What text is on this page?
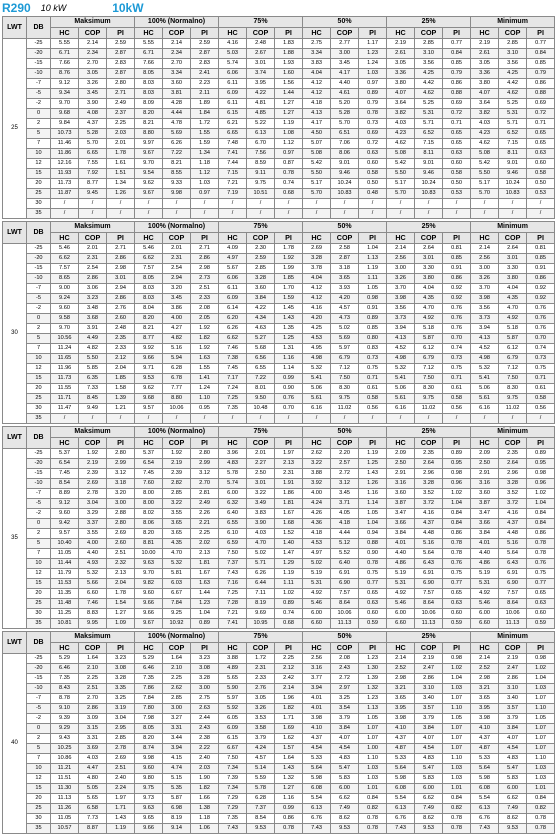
R290 10 kW	10kW
LWT	DB	Maksimum			100% (Normalno)			75%			50%			25%			Minimum		
		HC	COP	PI	HC	COP	PI	HC	COP	PI	HC	COP	PI	HC	COP	PI	HC	COP	PI
25	-25	5.55	2.14	2.59	5.55	2.14	2.59	4.16	2.48	1.83	2.75	2.77	1.17	2.19	2.85	0.77	2.19	2.85	0.77
	-20	6.71	2.34	2.87	6.71	2.34	2.87	5.03	2.67	1.88	3.34	3.00	1.23	2.61	3.10	0.84	2.61	3.10	0.84
	-15	7.66	2.70	2.83	7.66	2.70	2.83	5.74	3.01	1.93	3.83	3.45	1.24	3.05	3.56	0.85	3.05	3.56	0.85
	-10	8.76	3.05	2.87	8.05	3.34	2.41	6.06	3.74	1.60	4.04	4.17	1.03	3.36	4.25	0.79	3.36	4.25	0.79
	-7	9.12	3.26	2.80	8.03	3.60	2.23	6.11	3.95	1.56	4.12	4.40	0.97	3.80	4.42	0.86	3.80	4.42	0.86
	-5	9.34	3.45	2.71	8.03	3.81	2.11	6.09	4.22	1.44	4.12	4.61	0.89	4.07	4.62	0.88	4.07	4.62	0.88
	-2	9.70	3.90	2.49	8.09	4.28	1.89	6.11	4.81	1.27	4.18	5.20	0.79	3.64	5.25	0.69	3.64	5.25	0.69
	0	9.68	4.08	2.37	8.20	4.44	1.84	6.15	4.85	1.27	4.13	5.28	0.78	3.82	5.31	0.72	3.82	5.31	0.72
	2	9.84	4.37	2.25	8.21	4.78	1.72	6.21	5.22	1.19	4.17	5.70	0.73	4.03	5.71	0.71	4.03	5.71	0.71
	5	10.73	5.28	2.03	8.80	5.69	1.55	6.65	6.13	1.08	4.50	6.51	0.69	4.23	6.52	0.65	4.23	6.52	0.65
	7	11.46	5.70	2.01	9.97	6.26	1.59	7.48	6.70	1.12	5.07	7.06	0.72	4.62	7.15	0.65	4.62	7.15	0.65
	10	11.86	6.65	1.78	9.67	7.22	1.34	7.41	7.56	0.97	5.08	8.06	0.63	5.08	8.11	0.63	5.08	8.11	0.63
	12	12.16	7.55	1.61	9.70	8.21	1.18	7.44	8.59	0.87	5.42	9.01	0.60	5.42	9.01	0.60	5.42	9.01	0.60
	15	11.93	7.92	1.51	9.54	8.55	1.12	7.15	9.11	0.78	5.50	9.46	0.58	5.50	9.46	0.58	5.50	9.46	0.58
	20	11.73	8.77	1.34	9.62	9.33	1.03	7.21	9.75	0.74	5.17	10.24	0.50	5.17	10.24	0.50	5.17	10.24	0.50
	25	11.87	9.45	1.26	9.67	9.98	0.97	7.19	10.51	0.68	5.70	10.83	0.48	5.70	10.83	0.53	5.70	10.83	0.53
	30	/	/	/	/	/	/	/	/	/	/	/	/	/	/	/	/	/	/
	35	/	/	/	/	/	/	/	/	/	/	/	/	/	/	/	/	/	/
LWT	DB	Maksimum			100% (Normalno)			75%			50%			25%			Minimum		
		HC	COP	PI	HC	COP	PI	HC	COP	PI	HC	COP	PI	HC	COP	PI	HC	COP	PI
30	-25	5.46	2.01	2.71	5.46	2.01	2.71	4.09	2.30	1.78	2.69	2.58	1.04	2.14	2.64	0.81	2.14	2.64	0.81
	-20	6.62	2.31	2.86	6.62	2.31	2.86	4.97	2.59	1.92	3.28	2.87	1.13	2.56	3.01	0.85	2.56	3.01	0.85
	-15	7.57	2.54	2.98	7.57	2.54	2.98	5.67	2.85	1.99	3.78	3.18	1.19	3.00	3.30	0.91	3.00	3.30	0.91
	-10	8.65	2.86	3.01	8.05	2.94	2.73	6.06	3.28	1.85	4.04	3.65	1.11	3.26	3.80	0.86	3.26	3.80	0.86
	-7	9.00	3.06	2.94	8.03	3.20	2.51	6.11	3.60	1.70	4.12	3.93	1.05	3.70	4.04	0.92	3.70	4.04	0.92
	-5	9.24	3.23	2.86	8.03	3.45	2.33	6.09	3.84	1.59	4.12	4.20	0.98	3.98	4.35	0.92	3.98	4.35	0.92
	-2	9.60	3.48	2.76	8.04	3.86	2.08	6.14	4.22	1.45	4.16	4.57	0.91	3.56	4.70	0.76	3.56	4.70	0.76
	0	9.58	3.68	2.60	8.20	4.00	2.05	6.20	4.34	1.43	4.20	4.73	0.89	3.73	4.92	0.76	3.73	4.92	0.76
	2	9.70	3.91	2.48	8.21	4.27	1.92	6.26	4.63	1.35	4.25	5.02	0.85	3.94	5.18	0.76	3.94	5.18	0.76
	5	10.56	4.49	2.35	8.77	4.82	1.82	6.62	5.27	1.25	4.53	5.69	0.80	4.13	5.87	0.70	4.13	5.87	0.70
	7	11.24	4.82	2.33	9.92	5.16	1.92	7.46	5.68	1.31	4.95	5.97	0.83	4.52	6.12	0.74	4.52	6.12	0.74
	10	11.65	5.50	2.12	9.66	5.94	1.63	7.38	6.56	1.16	4.98	6.79	0.73	4.98	6.79	0.73	4.98	6.79	0.73
	12	11.96	5.85	2.04	9.71	6.28	1.55	7.45	6.55	1.14	5.32	7.12	0.75	5.32	7.12	0.75	5.32	7.12	0.75
	15	11.73	6.35	1.85	9.53	6.78	1.41	7.17	7.22	0.99	5.41	7.50	0.71	5.41	7.50	0.71	5.41	7.50	0.71
	20	11.55	7.33	1.58	9.62	7.77	1.24	7.24	8.01	0.90	5.06	8.30	0.61	5.06	8.30	0.61	5.06	8.30	0.61
	25	11.71	8.45	1.39	9.68	8.80	1.10	7.25	9.50	0.76	5.61	9.75	0.58	5.61	9.75	0.58	5.61	9.75	0.58
	30	11.47	9.49	1.21	9.57	10.06	0.95	7.35	10.48	0.70	6.16	11.02	0.56	6.16	11.02	0.56	6.16	11.02	0.56
	35	/	/	/	/	/	/	/	/	/	/	/	/	/	/	/	/	/	/
LWT	DB	Maksimum			100% (Normalno)			75%			50%			25%			Minimum		
		HC	COP	PI	HC	COP	PI	HC	COP	PI	HC	COP	PI	HC	COP	PI	HC	COP	PI
35	-25	5.37	1.92	2.80	5.37	1.92	2.80	3.96	2.01	1.97	2.62	2.20	1.19	2.09	2.35	0.89	2.09	2.35	0.89
	-20	6.54	2.19	2.99	6.54	2.19	2.99	4.83	2.27	2.13	3.22	2.57	1.25	2.50	2.64	0.95	2.50	2.64	0.95
	-15	7.45	2.39	3.12	7.45	2.39	3.12	5.78	2.50	2.31	3.88	2.72	1.43	2.91	2.96	0.98	2.91	2.96	0.98
	-10	8.54	2.69	3.18	7.60	2.82	2.70	5.74	3.01	1.91	3.92	3.12	1.26	3.16	3.28	0.96	3.16	3.28	0.96
	-7	8.89	2.78	3.20	8.00	2.85	2.81	6.00	3.22	1.86	4.00	3.45	1.16	3.60	3.52	1.02	3.60	3.52	1.02
	-5	9.12	3.04	3.00	8.00	3.22	2.49	6.32	3.49	1.81	4.24	3.71	1.14	3.87	3.72	1.04	3.87	3.72	1.04
	-2	9.60	3.29	2.88	8.02	3.55	2.26	6.40	3.83	1.67	4.26	4.05	1.05	3.47	4.16	0.84	3.47	4.16	0.84
	0	9.42	3.37	2.80	8.06	3.65	2.21	6.55	3.90	1.68	4.36	4.18	1.04	3.66	4.37	0.84	3.66	4.37	0.84
	2	9.57	3.55	2.69	8.20	3.65	2.25	6.10	4.03	1.52	4.18	4.44	0.94	3.84	4.48	0.86	3.84	4.48	0.86
	5	10.40	4.00	2.60	8.81	4.35	2.02	6.59	4.70	1.40	4.53	5.12	0.88	4.01	5.16	0.78	4.01	5.16	0.78
	7	11.05	4.40	2.51	10.00	4.70	2.13	7.50	5.02	1.47	4.97	5.52	0.90	4.40	5.64	0.78	4.40	5.64	0.78
	10	11.44	4.93	2.32	9.63	5.32	1.81	7.37	5.71	1.29	5.02	6.40	0.78	4.86	6.43	0.76	4.86	6.43	0.76
	12	11.79	5.32	2.13	9.70	5.81	1.67	7.43	6.26	1.19	5.19	6.91	0.75	5.19	6.91	0.75	5.19	6.91	0.75
	15	11.53	5.66	2.04	9.82	6.03	1.63	7.16	6.44	1.11	5.31	6.90	0.77	5.31	6.90	0.77	5.31	6.90	0.77
	20	11.35	6.60	1.78	9.60	6.67	1.44	7.25	7.11	1.02	4.92	7.57	0.65	4.92	7.57	0.65	4.92	7.57	0.65
	25	11.48	7.46	1.54	9.66	7.84	1.23	7.28	8.19	0.89	5.46	8.64	0.63	5.46	8.64	0.63	5.46	8.64	0.63
	30	11.25	8.83	1.27	9.66	9.25	1.04	7.21	9.69	0.74	6.00	10.06	0.60	6.00	10.06	0.60	6.00	10.06	0.60
	35	10.81	9.95	1.09	9.67	10.92	0.89	7.41	10.95	0.68	6.60	11.13	0.59	6.60	11.13	0.59	6.60	11.13	0.59
LWT	DB	Maksimum			100% (Normalno)			75%			50%			25%			Minimum		
		HC	COP	PI	HC	COP	PI	HC	COP	PI	HC	COP	PI	HC	COP	PI	HC	COP	PI
40	-25	5.29	1.64	3.23	5.29	1.64	3.23	3.88	1.72	2.25	2.56	2.08	1.23	2.14	2.19	0.98	2.14	2.19	0.98
	-20	6.46	2.10	3.08	6.46	2.10	3.08	4.89	2.31	2.12	3.16	2.43	1.30	2.52	2.47	1.02	2.52	2.47	1.02
	-15	7.35	2.25	3.28	7.35	2.25	3.28	5.65	2.33	2.42	3.77	2.72	1.39	2.98	2.86	1.04	2.98	2.86	1.04
	-10	8.43	2.51	3.35	7.86	2.62	3.00	5.90	2.76	2.14	3.94	2.97	1.32	3.21	3.10	1.03	3.21	3.10	1.03
	-7	8.78	2.70	3.25	7.84	2.85	2.75	5.97	3.05	1.96	4.01	3.25	1.23	3.65	3.40	1.07	3.65	3.40	1.07
	-5	9.10	2.86	3.19	7.80	3.00	2.63	5.92	3.26	1.82	4.01	3.54	1.13	3.95	3.57	1.10	3.95	3.57	1.10
	-2	9.39	3.09	3.04	7.98	3.27	2.44	6.05	3.53	1.71	3.98	3.79	1.05	3.98	3.79	1.05	3.98	3.79	1.05
	0	9.29	3.15	2.95	8.05	3.31	2.43	6.09	3.58	1.69	4.10	3.84	1.07	4.10	3.84	1.07	4.10	3.84	1.07
	2	9.43	3.31	2.85	8.20	3.44	2.38	6.15	3.79	1.62	4.37	4.07	1.07	4.37	4.07	1.07	4.37	4.07	1.07
	5	10.25	3.69	2.78	8.74	3.94	2.22	6.67	4.24	1.57	4.54	4.54	1.00	4.87	4.54	1.07	4.87	4.54	1.07
	7	10.86	4.03	2.69	9.98	4.15	2.40	7.50	4.57	1.64	5.33	4.83	1.10	5.33	4.83	1.10	5.33	4.83	1.10
	10	11.21	4.47	2.51	9.60	4.74	2.03	7.34	5.14	1.43	5.64	5.47	1.03	5.64	5.47	1.03	5.64	5.47	1.03
	12	11.51	4.80	2.40	9.80	5.15	1.90	7.39	5.59	1.32	5.98	5.83	1.03	5.98	5.83	1.03	5.98	5.83	1.03
	15	11.30	5.05	2.24	9.75	5.35	1.82	7.34	5.78	1.27	6.08	6.00	1.01	6.08	6.00	1.01	6.08	6.00	1.01
	20	11.13	5.65	1.97	9.73	5.87	1.66	7.29	6.28	1.16	5.54	6.62	0.84	5.54	6.62	0.84	5.54	6.62	0.84
	25	11.26	6.58	1.71	9.63	6.98	1.38	7.29	7.37	0.99	6.13	7.49	0.82	6.13	7.49	0.82	6.13	7.49	0.82
	30	11.05	7.73	1.43	9.65	8.19	1.18	7.35	8.54	0.86	6.76	8.62	0.78	6.76	8.62	0.78	6.76	8.62	0.78
	35	10.57	8.87	1.19	9.66	9.14	1.06	7.43	9.53	0.78	7.43	9.53	0.78	7.43	9.53	0.78	7.43	9.53	0.78
